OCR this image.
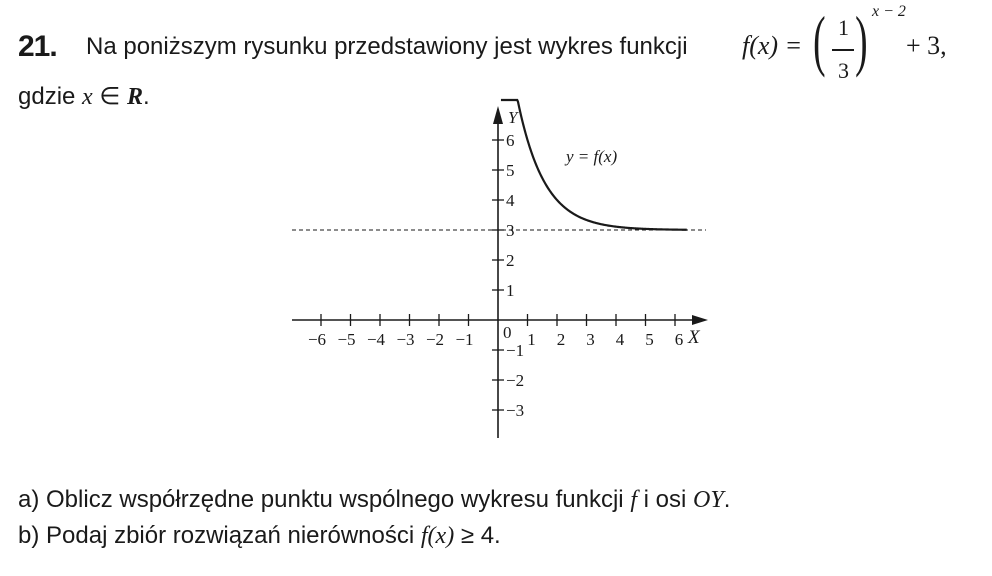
21. Na poniższym rysunku przedstawiony jest wykres funkcji f(x) = ( 1
3 ) x − 2
+ 3,
gdzie x ∈ R.
−6 −5 −4 −3 −2 −1	1 2 3 4 5 6
−3
−2
−1
1
2
3
4
5
6
0	X
Y
y = f(x)
a) Oblicz współrzędne punktu wspólnego wykresu funkcji f i osi OY.
b) Podaj zbiór rozwiązań nierówności f(x) ≥ 4.
